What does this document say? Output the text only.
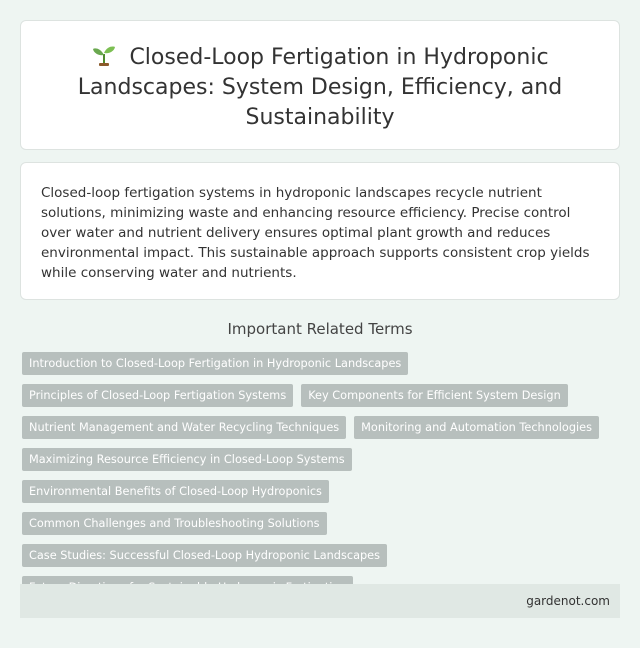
Closed-Loop Fertigation in Hydroponic Landscapes: System Design, Efficiency, and Sustainability

Closed-loop fertigation systems in hydroponic landscapes recycle nutrient solutions, minimizing waste and enhancing resource efficiency. Precise control over water and nutrient delivery ensures optimal plant growth and reduces environmental impact. This sustainable approach supports consistent crop yields while conserving water and nutrients.

Important Related Terms
Introduction to Closed-Loop Fertigation in Hydroponic Landscapes
Principles of Closed-Loop Fertigation Systems	Key Components for Efficient System Design
Nutrient Management and Water Recycling Techniques	Monitoring and Automation Technologies
Maximizing Resource Efficiency in Closed-Loop Systems
Environmental Benefits of Closed-Loop Hydroponics
Common Challenges and Troubleshooting Solutions
Case Studies: Successful Closed-Loop Hydroponic Landscapes
gardenot.com
